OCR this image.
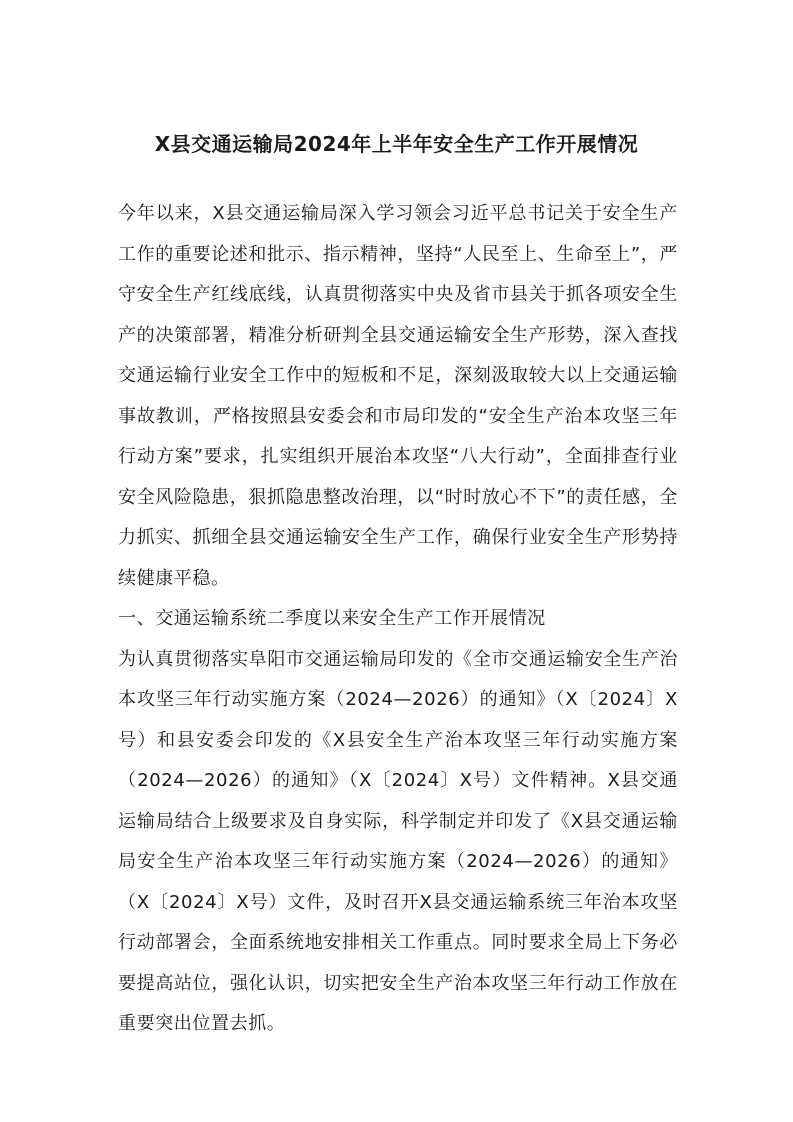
X县交通运输局2024年上半年安全生产工作开展情况

今年以来，X县交通运输局深入学习领会习近平总书记关于安全生产工作的重要论述和批示、指示精神，坚持“人民至上、生命至上”，严守安全生产红线底线，认真贯彻落实中央及省市县关于抓各项安全生产的决策部署，精准分析研判全县交通运输安全生产形势，深入查找交通运输行业安全工作中的短板和不足，深刻汲取较大以上交通运输事故教训，严格按照县安委会和市局印发的“安全生产治本攻坚三年行动方案”要求，扎实组织开展治本攻坚“八大行动”，全面排查行业安全风险隐患，狠抓隐患整改治理，以“时时放心不下”的责任感，全力抓实、抓细全县交通运输安全生产工作，确保行业安全生产形势持续健康平稳。

一、交通运输系统二季度以来安全生产工作开展情况

为认真贯彻落实阜阳市交通运输局印发的《全市交通运输安全生产治本攻坚三年行动实施方案（2024—2026）的通知》（X〔2024〕X号）和县安委会印发的《X县安全生产治本攻坚三年行动实施方案（2024—2026）的通知》（X〔2024〕X号）文件精神。X县交通运输局结合上级要求及自身实际，科学制定并印发了《X县交通运输局安全生产治本攻坚三年行动实施方案（2024—2026）的通知》（X〔2024〕X号）文件，及时召开X县交通运输系统三年治本攻坚行动部署会，全面系统地安排相关工作重点。同时要求全局上下务必要提高站位，强化认识，切实把安全生产治本攻坚三年行动工作放在重要突出位置去抓。
